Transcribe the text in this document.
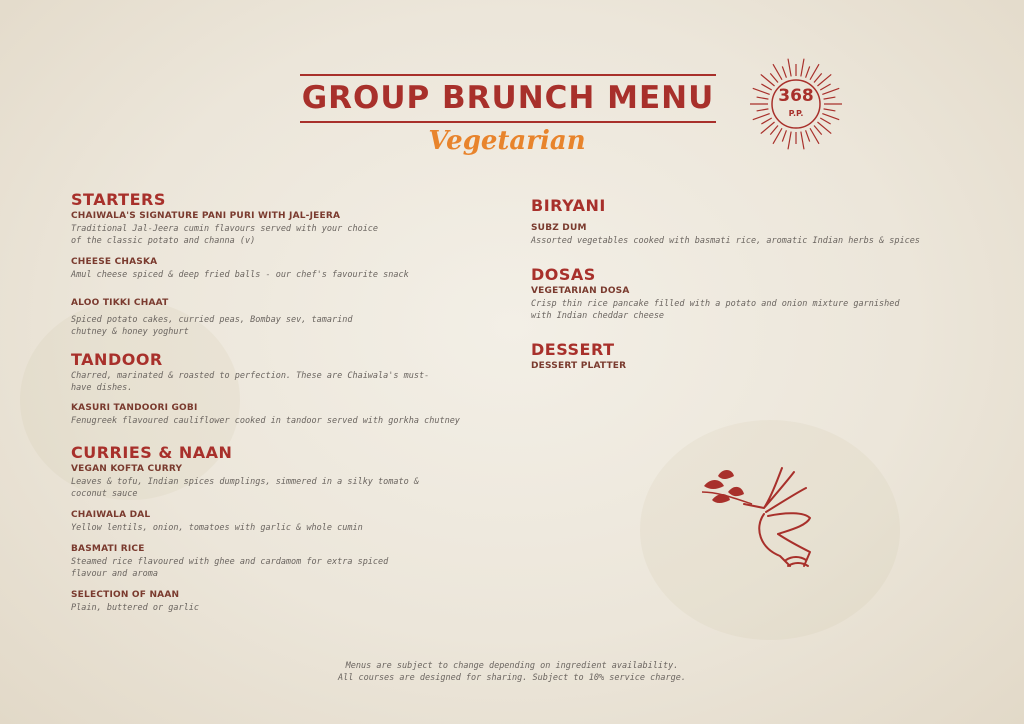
GROUP BRUNCH MENU
Vegetarian
368
P.P.
STARTERS
CHAIWALA'S SIGNATURE PANI PURI WITH JAL-JEERA
Traditional Jal-Jeera cumin flavours served with your choice of the classic potato and channa (v)
CHEESE CHASKA
Amul cheese spiced & deep fried balls - our chef's favourite snack
ALOO TIKKI CHAAT
Spiced potato cakes, curried peas, Bombay sev, tamarind chutney & honey yoghurt
TANDOOR
Charred, marinated & roasted to perfection. These are Chaiwala's must-have dishes.
KASURI TANDOORI GOBI
Fenugreek flavoured cauliflower cooked in tandoor served with gorkha chutney
CURRIES & NAAN
VEGAN KOFTA CURRY
Leaves & tofu, Indian spices dumplings, simmered in a silky tomato & coconut sauce
CHAIWALA DAL
Yellow lentils, onion, tomatoes with garlic & whole cumin
BASMATI RICE
Steamed rice flavoured with ghee and cardamom for extra spiced flavour and aroma
SELECTION OF NAAN
Plain, buttered or garlic
BIRYANI
SUBZ DUM
Assorted vegetables cooked with basmati rice, aromatic Indian herbs & spices
DOSAS
VEGETARIAN DOSA
Crisp thin rice pancake filled with a potato and onion mixture garnished with Indian cheddar cheese
DESSERT
DESSERT PLATTER
Menus are subject to change depending on ingredient availability.
All courses are designed for sharing. Subject to 10% service charge.
